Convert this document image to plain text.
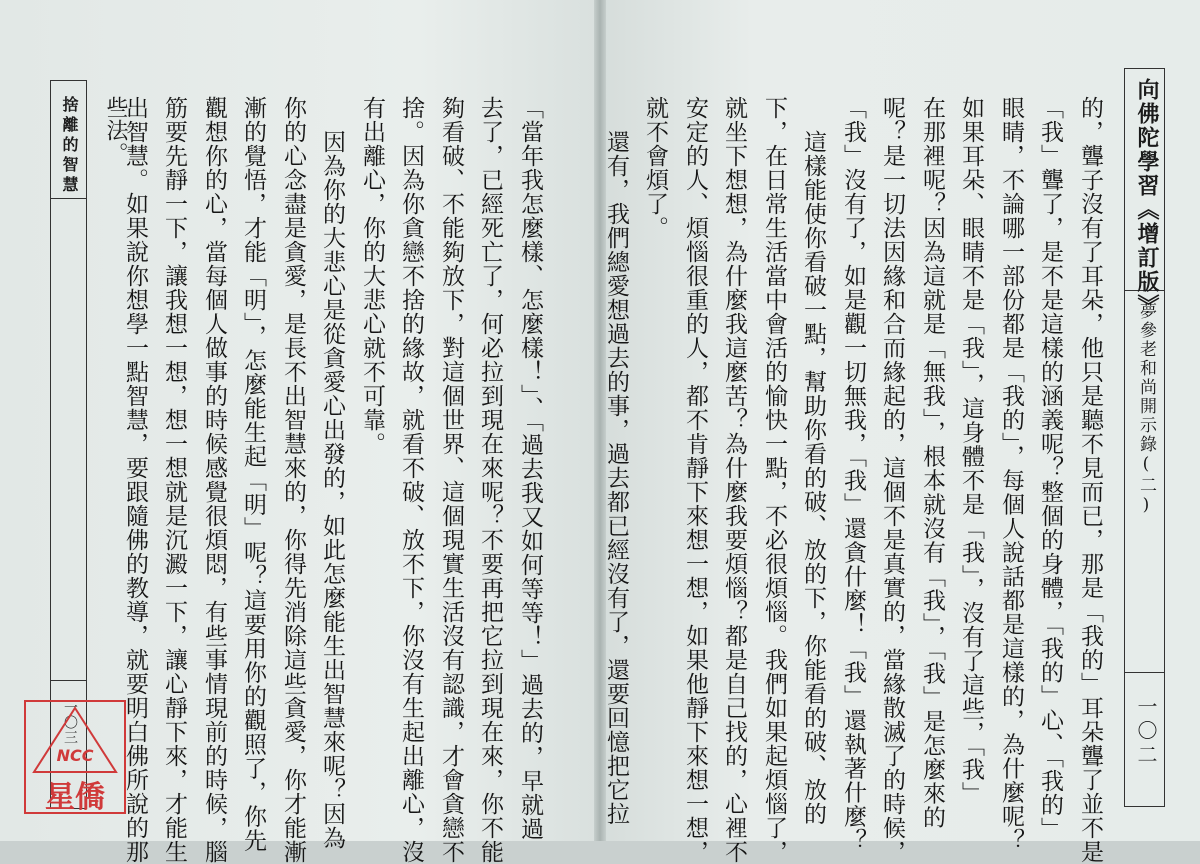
向佛陀學習《增訂版》
夢參老和尚開示錄(二)
一〇二
捨離的智慧
一〇三	的，聾子沒有了耳朵，他只是聽不見而已，那是「我的」耳朵聾了並不是
「我」聾了，是不是這樣的涵義呢？整個的身體，「我的」心、「我的」
眼睛，不論哪一部份都是「我的」，每個人說話都是這樣的，為什麼呢？
如果耳朵、眼睛不是「我」，這身體不是「我」，沒有了這些，「我」
在那裡呢？因為這就是「無我」，根本就沒有「我」，「我」是怎麼來的
呢？是一切法因緣和合而緣起的，這個不是真實的，當緣散滅了的時候，
「我」沒有了，如是觀一切無我，「我」還貪什麼！「我」還執著什麼？
這樣能使你看破一點，幫助你看的破、放的下，你能看的破、放的
下，在日常生活當中會活的愉快一點，不必很煩惱。我們如果起煩惱了，
就坐下想想，為什麼我這麼苦？為什麼我要煩惱？都是自己找的，心裡不
安定的人、煩惱很重的人，都不肯靜下來想一想，如果他靜下來想一想，
就不會煩了。
還有，我們總愛想過去的事，過去都已經沒有了，還要回憶把它拉
「當年我怎麼樣、怎麼樣！」、「過去我又如何等等！」過去的，早就過
去了，已經死亡了，何必拉到現在來呢？不要再把它拉到現在來，你不能
夠看破、不能夠放下，對這個世界、這個現實生活沒有認識，才會貪戀不
捨。因為你貪戀不捨的緣故，就看不破、放不下，你沒有生起出離心，沒
有出離心，你的大悲心就不可靠。
因為你的大悲心是從貪愛心出發的，如此怎麼能生出智慧來呢？因為
你的心念盡是貪愛，是長不出智慧來的，你得先消除這些貪愛，你才能漸
漸的覺悟，才能「明」，怎麼能生起「明」呢？這要用你的觀照了，你先
觀想你的心，當每個人做事的時候感覺很煩悶，有些事情現前的時候，腦
筋要先靜一下，讓我想一想，想一想就是沉澱一下，讓心靜下來，才能生
出智慧。如果說你想學一點智慧，要跟隨佛的教導，就要明白佛所說的那
些法。
NCC
星僑
